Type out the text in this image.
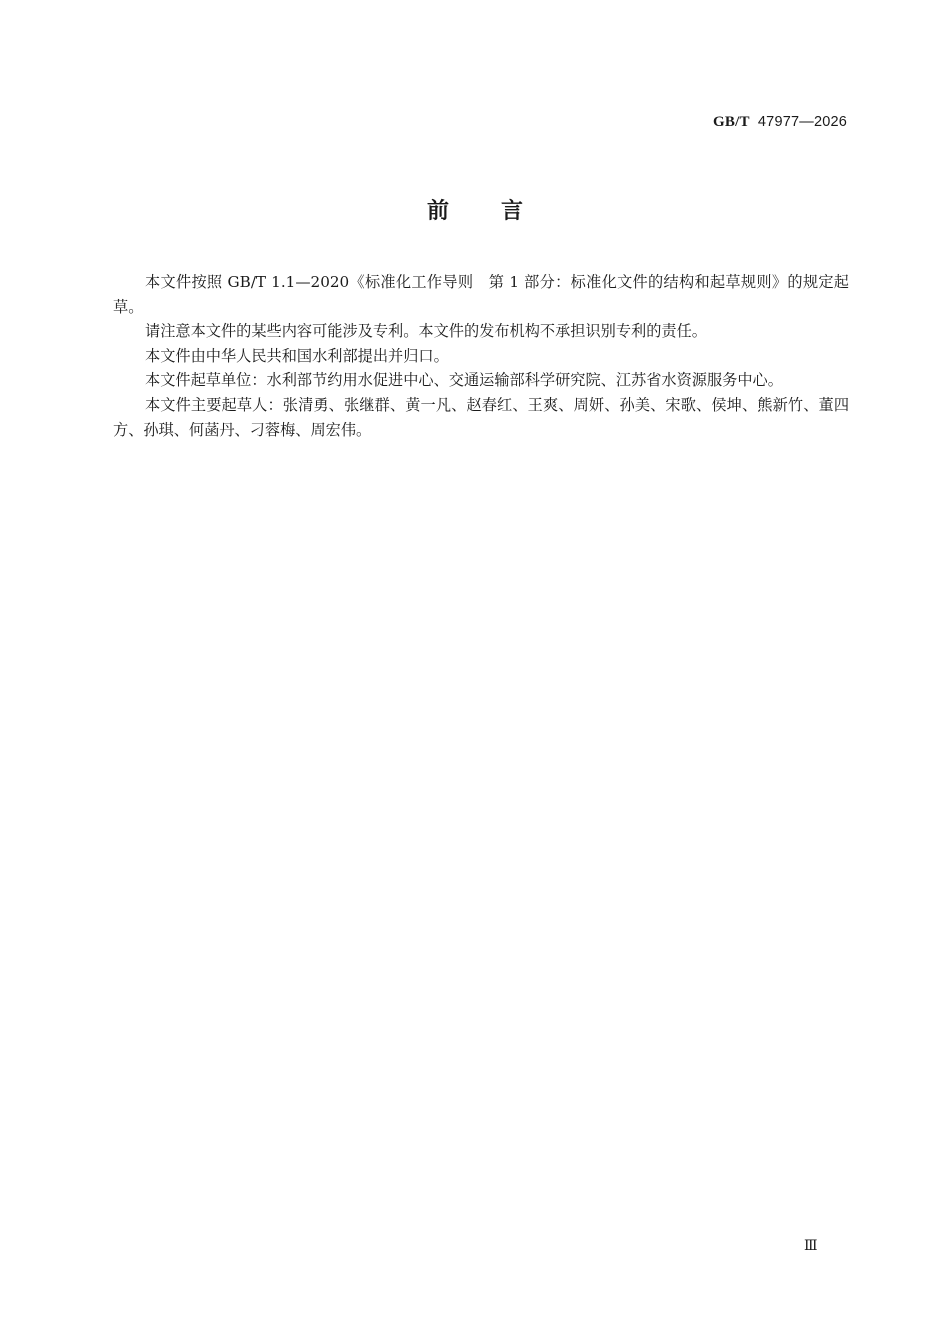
GB/T 47977—2026
前 言

本文件按照 GB/T 1.1—2020《标准化工作导则　第 1 部分：标准化文件的结构和起草规则》的规定起草。

请注意本文件的某些内容可能涉及专利。本文件的发布机构不承担识别专利的责任。

本文件由中华人民共和国水利部提出并归口。

本文件起草单位：水利部节约用水促进中心、交通运输部科学研究院、江苏省水资源服务中心。

本文件主要起草人：张清勇、张继群、黄一凡、赵春红、王爽、周妍、孙美、宋歌、侯坤、熊新竹、董四方、孙琪、何菡丹、刁蓉梅、周宏伟。

Ⅲ
